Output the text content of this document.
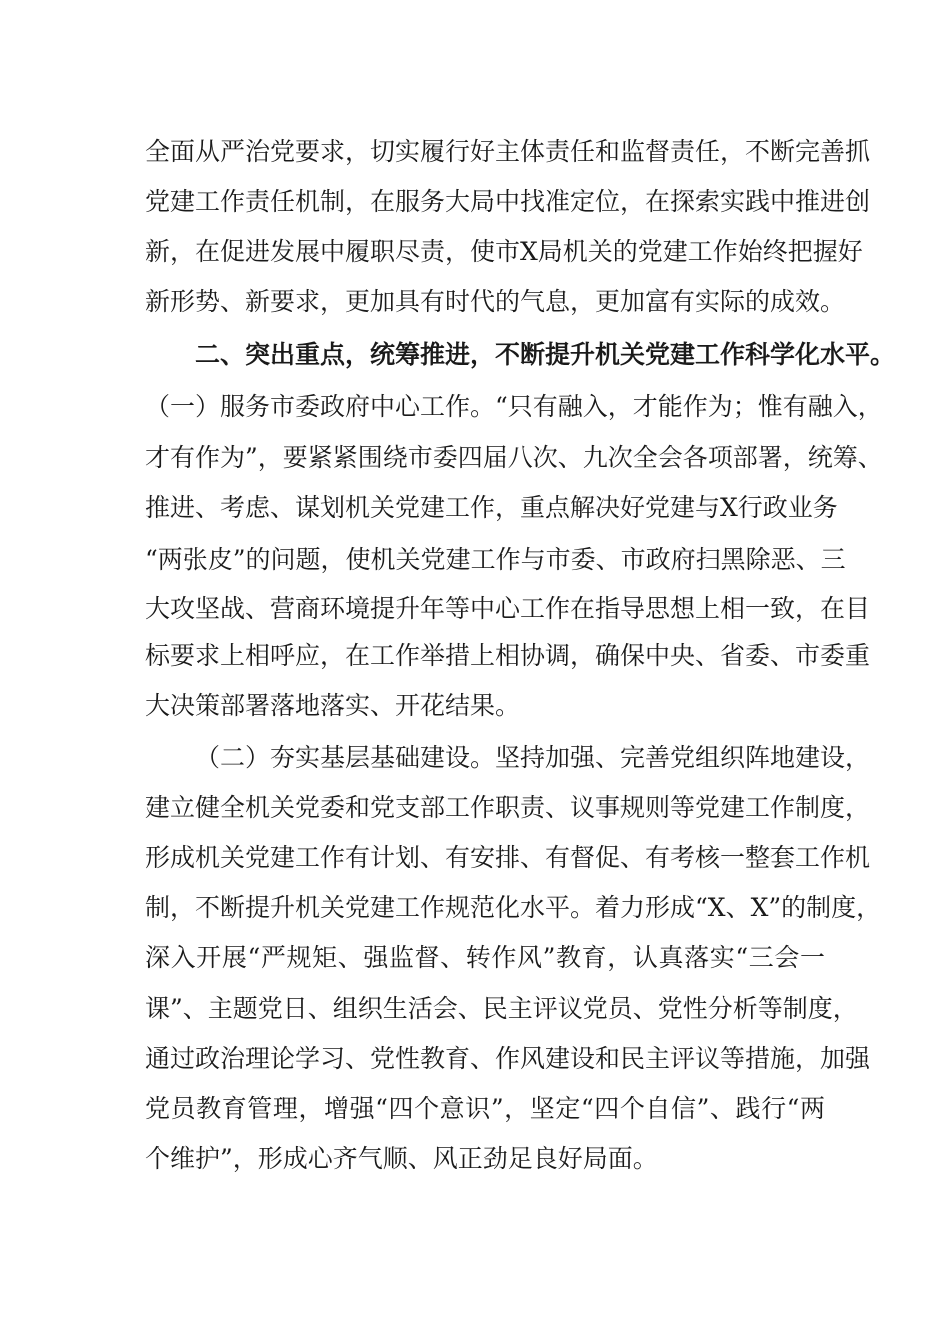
全面从严治党要求，切实履行好主体责任和监督责任，不断完善抓
党建工作责任机制，在服务大局中找准定位，在探索实践中推进创
新，在促进发展中履职尽责，使市X局机关的党建工作始终把握好
新形势、新要求，更加具有时代的气息，更加富有实际的成效。
二、突出重点，统筹推进，不断提升机关党建工作科学化水平。
（一）服务市委政府中心工作。“只有融入，才能作为；惟有融入，
才有作为”，要紧紧围绕市委四届八次、九次全会各项部署，统筹、
推进、考虑、谋划机关党建工作，重点解决好党建与X行政业务
“两张皮”的问题，使机关党建工作与市委、市政府扫黑除恶、三
大攻坚战、营商环境提升年等中心工作在指导思想上相一致，在目
标要求上相呼应，在工作举措上相协调，确保中央、省委、市委重
大决策部署落地落实、开花结果。
（二）夯实基层基础建设。坚持加强、完善党组织阵地建设，
建立健全机关党委和党支部工作职责、议事规则等党建工作制度，
形成机关党建工作有计划、有安排、有督促、有考核一整套工作机
制，不断提升机关党建工作规范化水平。着力形成“X、X”的制度，
深入开展“严规矩、强监督、转作风”教育，认真落实“三会一
课”、主题党日、组织生活会、民主评议党员、党性分析等制度，
通过政治理论学习、党性教育、作风建设和民主评议等措施，加强
党员教育管理，增强“四个意识”，坚定“四个自信”、践行“两
个维护”，形成心齐气顺、风正劲足良好局面。
